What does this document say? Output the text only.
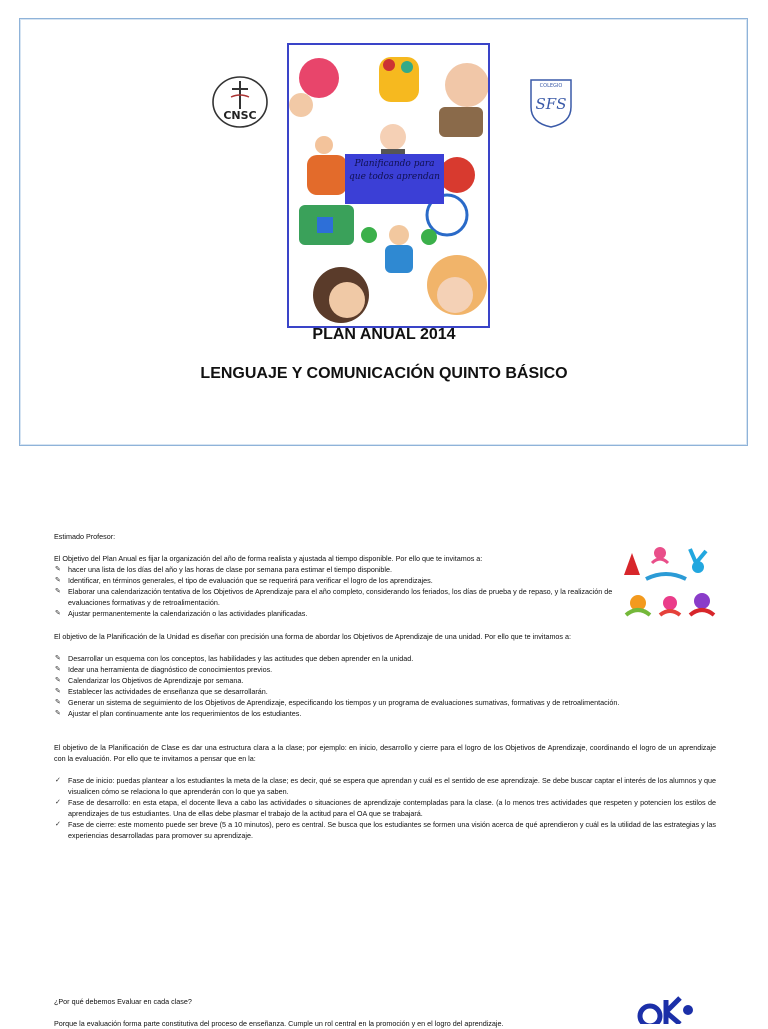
CNSC
COLEGIO
SFS
Planificando para que todos aprendan
PLAN ANUAL 2014
LENGUAJE Y COMUNICACIÓN QUINTO BÁSICO
Estimado Profesor:
El Objetivo del Plan Anual es fijar la organización del año de forma realista y ajustada al tiempo disponible. Por ello que te invitamos a:
✎ hacer una lista de los días del año y las horas de clase por semana para estimar el tiempo disponible.
✎ Identificar, en términos generales, el tipo de evaluación que se requerirá para verificar el logro de los aprendizajes.
✎ Elaborar una calendarización tentativa de los Objetivos de Aprendizaje para el año completo, considerando los feriados, los días de prueba y de repaso, y la realización de evaluaciones formativas y de retroalimentación.
✎ Ajustar permanentemente la calendarización o las actividades planificadas.
El objetivo de la Planificación de la Unidad es diseñar con precisión una forma de abordar los Objetivos de Aprendizaje de una unidad. Por ello que te invitamos a:
✎ Desarrollar un esquema con los conceptos, las habilidades y las actitudes que deben aprender en la unidad.
✎ Idear una herramienta de diagnóstico de conocimientos previos.
✎ Calendarizar los Objetivos de Aprendizaje por semana.
✎ Establecer las actividades de enseñanza que se desarrollarán.
✎ Generar un sistema de seguimiento de los Objetivos de Aprendizaje, especificando los tiempos y un programa de evaluaciones sumativas, formativas y de retroalimentación.
✎ Ajustar el plan continuamente ante los requerimientos de los estudiantes.
El objetivo de la Planificación de Clase es dar una estructura clara a la clase; por ejemplo: en inicio, desarrollo y cierre para el logro de los Objetivos de Aprendizaje, coordinando el logro de un aprendizaje con la evaluación. Por ello que te invitamos a pensar que en la:
✓ Fase de inicio: puedas plantear a los estudiantes la meta de la clase; es decir, qué se espera que aprendan y cuál es el sentido de ese aprendizaje. Se debe buscar captar el interés de los alumnos y que visualicen cómo se relaciona lo que aprenderán con lo que ya saben.
✓ Fase de desarrollo: en esta etapa, el docente lleva a cabo las actividades o situaciones de aprendizaje contempladas para la clase. (a lo menos tres actividades que respeten y potencien los estilos de aprendizajes de tus estudiantes. Una de ellas debe plasmar el trabajo de la actitud para el OA que se trabajará.
✓ Fase de cierre: este momento puede ser breve (5 a 10 minutos), pero es central. Se busca que los estudiantes se formen una visión acerca de qué aprendieron y cuál es la utilidad de las estrategias y las experiencias desarrolladas para promover su aprendizaje.
¿Por qué debemos Evaluar en cada clase?
Porque la evaluación forma parte constitutiva del proceso de enseñanza. Cumple un rol central en la promoción y en el logro del aprendizaje.
